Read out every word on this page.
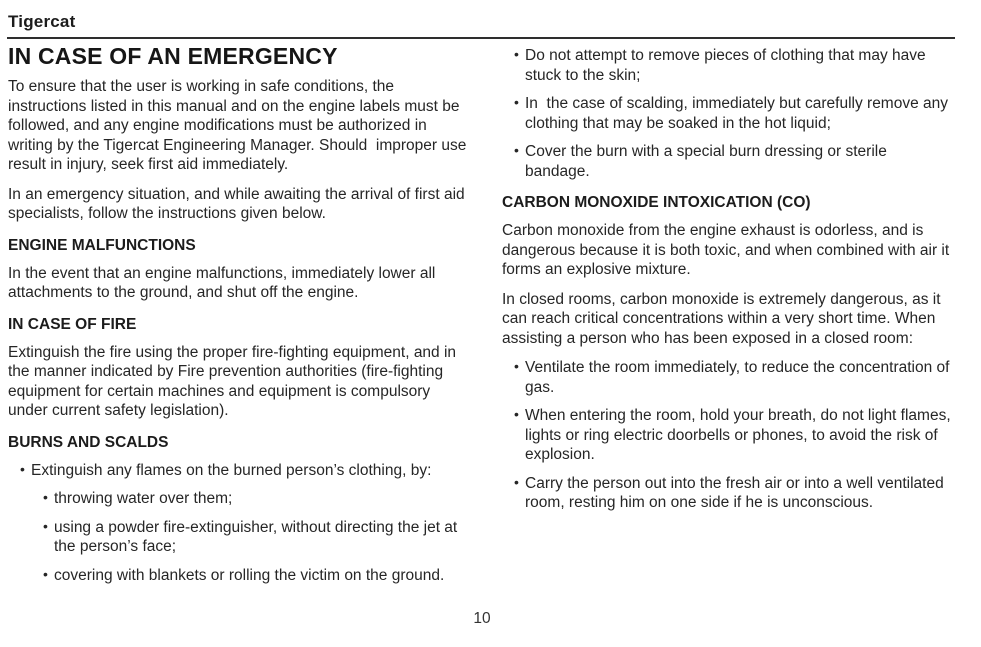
Tigercat
IN CASE OF AN EMERGENCY

To ensure that the user is working in safe conditions, the instructions listed in this manual and on the engine labels must be followed, and any engine modifications must be authorized in writing by the Tigercat Engineering Manager. Should  improper use result in injury, seek first aid immediately.

In an emergency situation, and while awaiting the arrival of first aid specialists, follow the instructions given below.

ENGINE MALFUNCTIONS

In the event that an engine malfunctions, immediately lower all attachments to the ground, and shut off the engine.

IN CASE OF FIRE

Extinguish the fire using the proper fire-fighting equipment, and in the manner indicated by Fire prevention authorities (fire-fighting equipment for certain machines and equipment is compulsory under current safety legislation).

BURNS AND SCALDS
• Extinguish any flames on the burned person’s clothing, by:
• throwing water over them;
• using a powder fire-extinguisher, without directing the jet at the person’s face;
• covering with blankets or rolling the victim on the ground.
• Do not attempt to remove pieces of clothing that may have stuck to the skin;
• In  the case of scalding, immediately but carefully remove any clothing that may be soaked in the hot liquid;
• Cover the burn with a special burn dressing or sterile bandage.
CARBON MONOXIDE INTOXICATION (CO)

Carbon monoxide from the engine exhaust is odorless, and is dangerous because it is both toxic, and when combined with air it forms an explosive mixture.

In closed rooms, carbon monoxide is extremely dangerous, as it can reach critical concentrations within a very short time. When assisting a person who has been exposed in a closed room:

• Ventilate the room immediately, to reduce the concentration of gas.
• When entering the room, hold your breath, do not light flames, lights or ring electric doorbells or phones, to avoid the risk of explosion.
• Carry the person out into the fresh air or into a well ventilated room, resting him on one side if he is unconscious.
10
